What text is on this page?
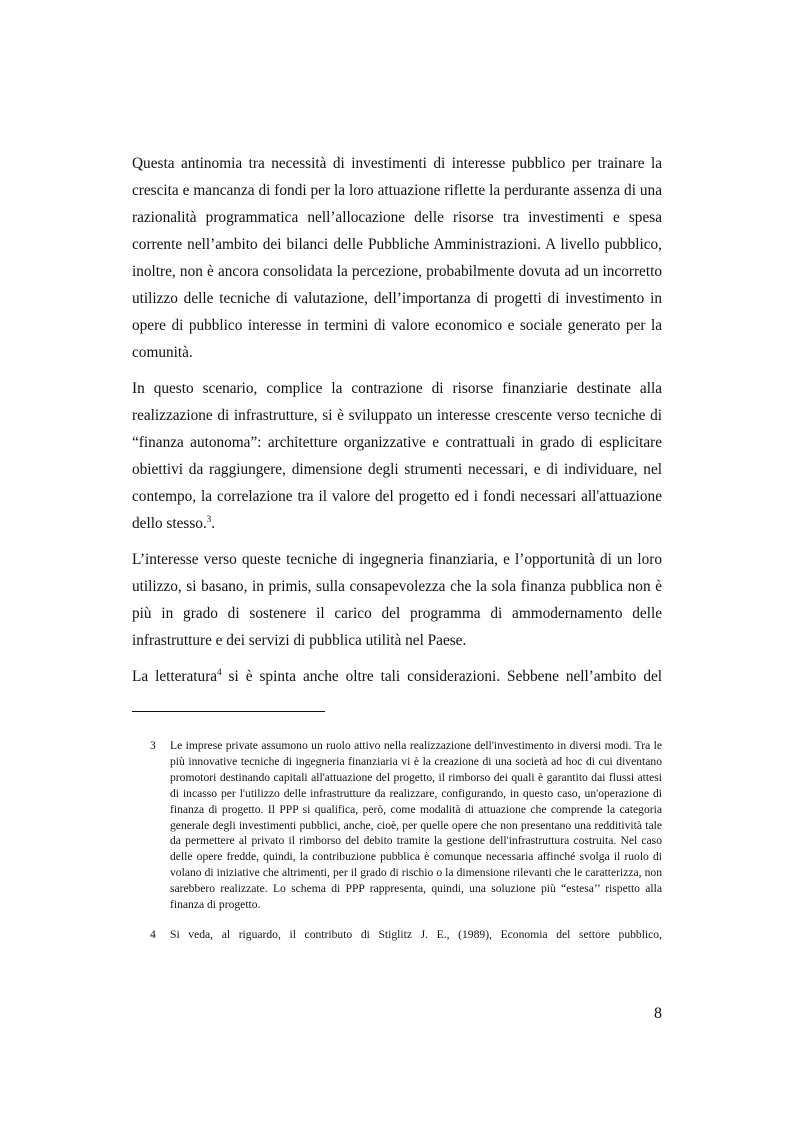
Questa antinomia tra necessità di investimenti di interesse pubblico per trainare la crescita e mancanza di fondi per la loro attuazione riflette la perdurante assenza di una razionalità programmatica nell’allocazione delle risorse tra investimenti e spesa corrente nell’ambito dei bilanci delle Pubbliche Amministrazioni. A livello pubblico, inoltre, non è ancora consolidata la percezione, probabilmente dovuta ad un incorretto utilizzo delle tecniche di valutazione, dell’importanza di progetti di investimento in opere di pubblico interesse in termini di valore economico e sociale generato per la comunità.

In questo scenario, complice la contrazione di risorse finanziarie destinate alla realizzazione di infrastrutture, si è sviluppato un interesse crescente verso tecniche di “finanza autonoma”: architetture organizzative e contrattuali in grado di esplicitare obiettivi da raggiungere, dimensione degli strumenti necessari, e di individuare, nel contempo, la correlazione tra il valore del progetto ed i fondi necessari all'attuazione dello stesso.$^3$.

L’interesse verso queste tecniche di ingegneria finanziaria, e l’opportunità di un loro utilizzo, si basano, in primis, sulla consapevolezza che la sola finanza pubblica non è più in grado di sostenere il carico del programma di ammodernamento delle infrastrutture e dei servizi di pubblica utilità nel Paese.

La letteratura$^4$ si è spinta anche oltre tali considerazioni. Sebbene nell’ambito del

3 Le imprese private assumono un ruolo attivo nella realizzazione dell'investimento in diversi modi. Tra le più innovative tecniche di ingegneria finanziaria vi è la creazione di una società ad hoc di cui diventano promotori destinando capitali all'attuazione del progetto, il rimborso dei quali è garantito dai flussi attesi di incasso per l'utilizzo delle infrastrutture da realizzare, configurando, in questo caso, un'operazione di finanza di progetto. Il PPP si qualifica, però, come modalità di attuazione che comprende la categoria generale degli investimenti pubblici, anche, cioè, per quelle opere che non presentano una redditività tale da permettere al privato il rimborso del debito tramite la gestione dell'infrastruttura costruita. Nel caso delle opere fredde, quindi, la contribuzione pubblica è comunque necessaria affinché svolga il ruolo di volano di iniziative che altrimenti, per il grado di rischio o la dimensione rilevanti che le caratterizza, non sarebbero realizzate. Lo schema di PPP rappresenta, quindi, una soluzione più “estesa’’ rispetto alla finanza di progetto.
4 Si veda, al riguardo, il contributo di Stiglitz J. E., (1989), Economia del settore pubblico,
8
